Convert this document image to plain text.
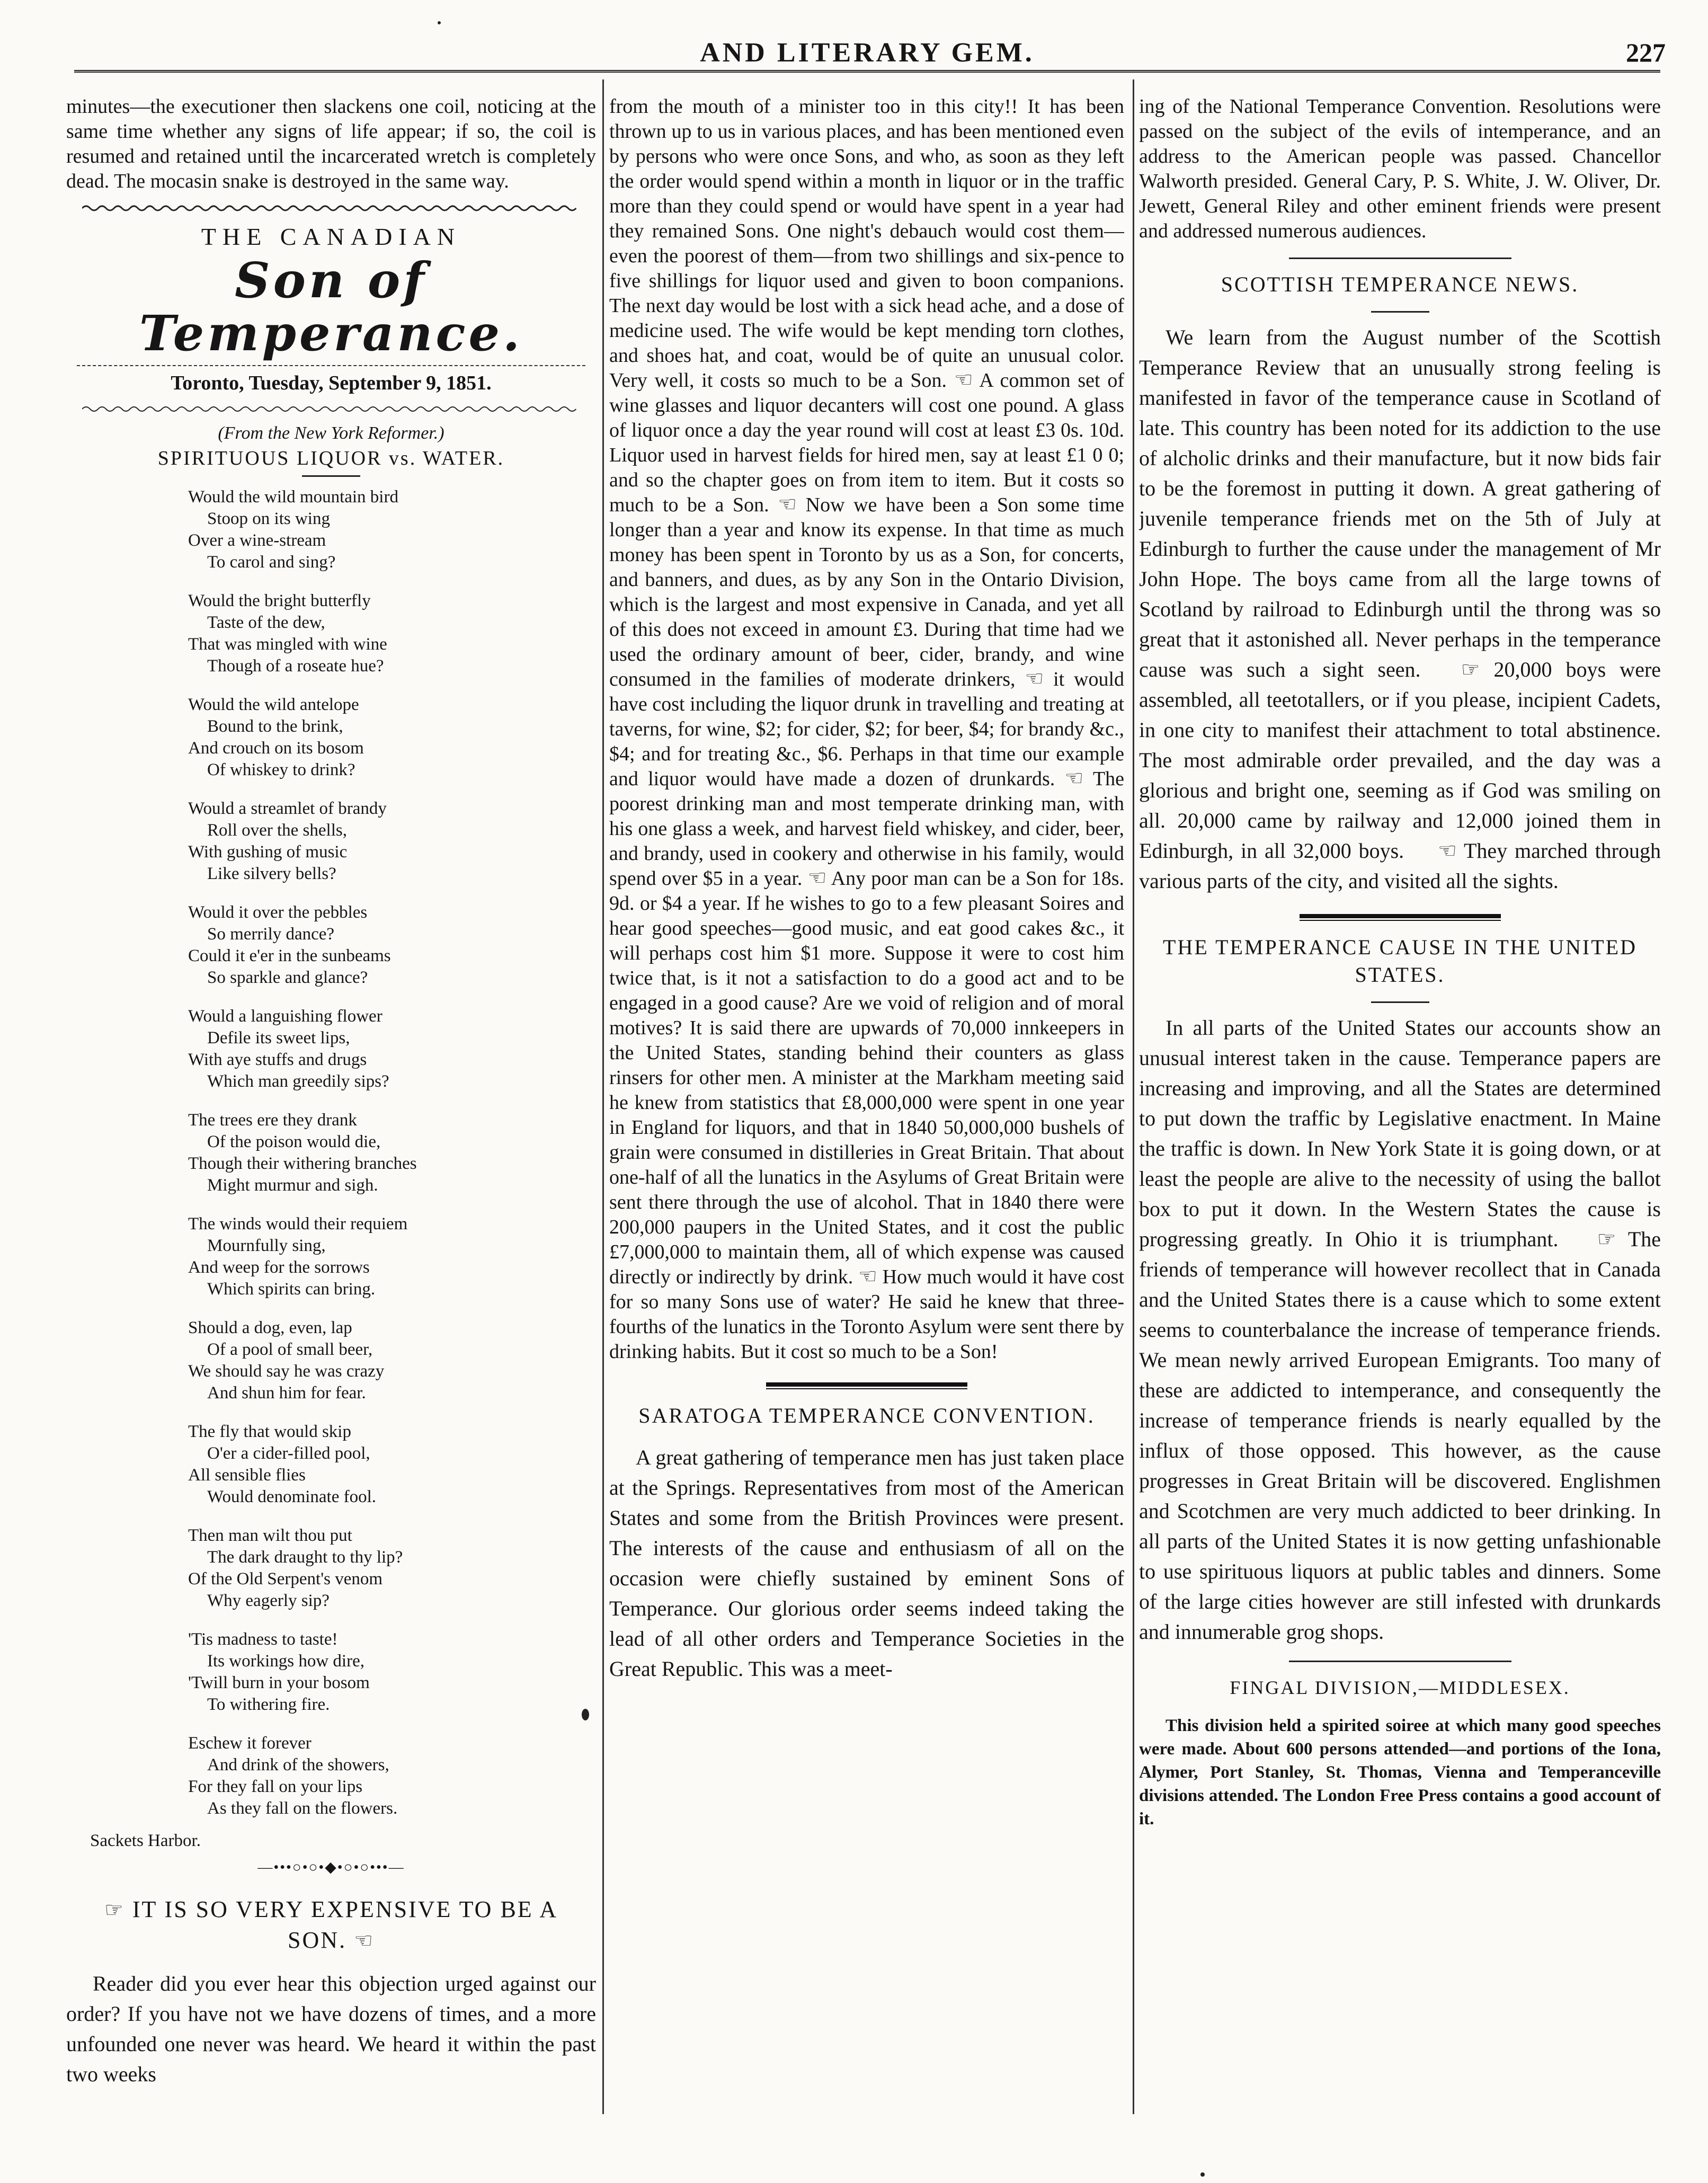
AND LITERARY GEM.	227

minutes—the executioner then slackens one coil, noticing at the same time whether any signs of life appear; if so, the coil is resumed and retained until the incarcerated wretch is completely dead. The mocasin snake is destroyed in the same way.

THE CANADIAN
Son of Temperance.
Toronto, Tuesday, September 9, 1851.
(From the New York Reformer.)
SPIRITUOUS LIQUOR vs. WATER.
Would the wild mountain bird
Stoop on its wing
Over a wine-stream
To carol and sing?
Would the bright butterfly
Taste of the dew,
That was mingled with wine
Though of a roseate hue?
Would the wild antelope
Bound to the brink,
And crouch on its bosom
Of whiskey to drink?
Would a streamlet of brandy
Roll over the shells,
With gushing of music
Like silvery bells?
Would it over the pebbles
So merrily dance?
Could it e'er in the sunbeams
So sparkle and glance?
Would a languishing flower
Defile its sweet lips,
With aye stuffs and drugs
Which man greedily sips?
The trees ere they drank
Of the poison would die,
Though their withering branches
Might murmur and sigh.
The winds would their requiem
Mournfully sing,
And weep for the sorrows
Which spirits can bring.
Should a dog, even, lap
Of a pool of small beer,
We should say he was crazy
And shun him for fear.
The fly that would skip
O'er a cider-filled pool,
All sensible flies
Would denominate fool.
Then man wilt thou put
The dark draught to thy lip?
Of the Old Serpent's venom
Why eagerly sip?
'Tis madness to taste!
Its workings how dire,
'Twill burn in your bosom
To withering fire.
Eschew it forever
And drink of the showers,
For they fall on your lips
As they fall on the flowers.
Sackets Harbor.
—•••○•○•◆•○•○•••—
☞ IT IS SO VERY EXPENSIVE TO BE A
SON. ☜

Reader did you ever hear this objection urged against our order? If you have not we have dozens of times, and a more unfounded one never was heard. We heard it within the past two weeks

from the mouth of a minister too in this city!! It has been thrown up to us in various places, and has been mentioned even by persons who were once Sons, and who, as soon as they left the order would spend within a month in liquor or in the traffic more than they could spend or would have spent in a year had they remained Sons. One night's debauch would cost them—even the poorest of them—from two shillings and six-pence to five shillings for liquor used and given to boon companions. The next day would be lost with a sick head ache, and a dose of medicine used. The wife would be kept mending torn clothes, and shoes hat, and coat, would be of quite an unusual color. Very well, it costs so much to be a Son. ☜ A common set of wine glasses and liquor decanters will cost one pound. A glass of liquor once a day the year round will cost at least £3 0s. 10d. Liquor used in harvest fields for hired men, say at least £1 0 0; and so the chapter goes on from item to item. But it costs so much to be a Son. ☜ Now we have been a Son some time longer than a year and know its expense. In that time as much money has been spent in Toronto by us as a Son, for concerts, and banners, and dues, as by any Son in the Ontario Division, which is the largest and most expensive in Canada, and yet all of this does not exceed in amount £3. During that time had we used the ordinary amount of beer, cider, brandy, and wine consumed in the families of moderate drinkers, ☜ it would have cost including the liquor drunk in travelling and treating at taverns, for wine, $2; for cider, $2; for beer, $4; for brandy &c., $4; and for treating &c., $6. Perhaps in that time our example and liquor would have made a dozen of drunkards. ☜ The poorest drinking man and most temperate drinking man, with his one glass a week, and harvest field whiskey, and cider, beer, and brandy, used in cookery and otherwise in his family, would spend over $5 in a year. ☜ Any poor man can be a Son for 18s. 9d. or $4 a year. If he wishes to go to a few pleasant Soires and hear good speeches—good music, and eat good cakes &c., it will perhaps cost him $1 more. Suppose it were to cost him twice that, is it not a satisfaction to do a good act and to be engaged in a good cause? Are we void of religion and of moral motives? It is said there are upwards of 70,000 innkeepers in the United States, standing behind their counters as glass rinsers for other men. A minister at the Markham meeting said he knew from statistics that £8,000,000 were spent in one year in England for liquors, and that in 1840 50,000,000 bushels of grain were consumed in distilleries in Great Britain. That about one-half of all the lunatics in the Asylums of Great Britain were sent there through the use of alcohol. That in 1840 there were 200,000 paupers in the United States, and it cost the public £7,000,000 to maintain them, all of which expense was caused directly or indirectly by drink. ☜ How much would it have cost for so many Sons use of water? He said he knew that three-fourths of the lunatics in the Toronto Asylum were sent there by drinking habits. But it cost so much to be a Son!

SARATOGA TEMPERANCE CONVENTION.

A great gathering of temperance men has just taken place at the Springs. Representatives from most of the American States and some from the British Provinces were present. The interests of the cause and enthusiasm of all on the occasion were chiefly sustained by eminent Sons of Temperance. Our glorious order seems indeed taking the lead of all other orders and Temperance Societies in the Great Republic. This was a meet-

ing of the National Temperance Convention. Resolutions were passed on the subject of the evils of intemperance, and an address to the American people was passed. Chancellor Walworth presided. General Cary, P. S. White, J. W. Oliver, Dr. Jewett, General Riley and other eminent friends were present and addressed numerous audiences.

SCOTTISH TEMPERANCE NEWS.

We learn from the August number of the Scottish Temperance Review that an unusually strong feeling is manifested in favor of the temperance cause in Scotland of late. This country has been noted for its addiction to the use of alcholic drinks and their manufacture, but it now bids fair to be the foremost in putting it down. A great gathering of juvenile temperance friends met on the 5th of July at Edinburgh to further the cause under the management of Mr John Hope. The boys came from all the large towns of Scotland by railroad to Edinburgh until the throng was so great that it astonished all. Never perhaps in the temperance cause was such a sight seen. ☞ 20,000 boys were assembled, all teetotallers, or if you please, incipient Cadets, in one city to manifest their attachment to total abstinence. The most admirable order prevailed, and the day was a glorious and bright one, seeming as if God was smiling on all. 20,000 came by railway and 12,000 joined them in Edinburgh, in all 32,000 boys. ☜ They marched through various parts of the city, and visited all the sights.

THE TEMPERANCE CAUSE IN THE UNITED STATES.

In all parts of the United States our accounts show an unusual interest taken in the cause. Temperance papers are increasing and improving, and all the States are determined to put down the traffic by Legislative enactment. In Maine the traffic is down. In New York State it is going down, or at least the people are alive to the necessity of using the ballot box to put it down. In the Western States the cause is progressing greatly. In Ohio it is triumphant. ☞ The friends of temperance will however recollect that in Canada and the United States there is a cause which to some extent seems to counterbalance the increase of temperance friends. We mean newly arrived European Emigrants. Too many of these are addicted to intemperance, and consequently the increase of temperance friends is nearly equalled by the influx of those opposed. This however, as the cause progresses in Great Britain will be discovered. Englishmen and Scotchmen are very much addicted to beer drinking. In all parts of the United States it is now getting unfashionable to use spirituous liquors at public tables and dinners. Some of the large cities however are still infested with drunkards and innumerable grog shops.

FINGAL DIVISION,—MIDDLESEX.

This division held a spirited soiree at which many good speeches were made. About 600 persons attended—and portions of the Iona, Alymer, Port Stanley, St. Thomas, Vienna and Temperanceville divisions attended. The London Free Press contains a good account of it.
